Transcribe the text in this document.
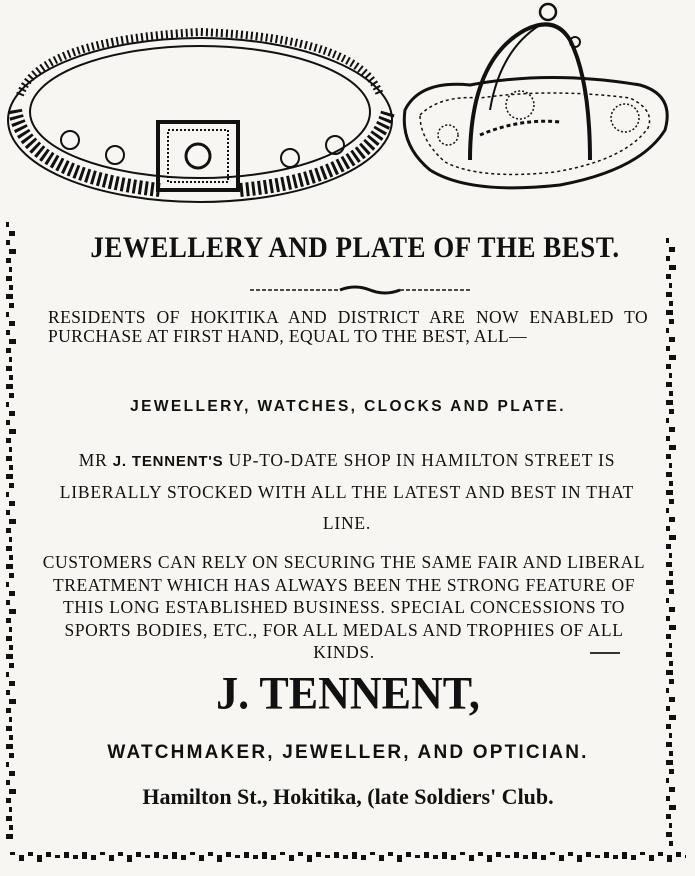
JEWELLERY AND PLATE OF THE BEST.
RESIDENTS OF HOKITIKA AND DISTRICT ARE NOW ENABLED TO PURCHASE AT FIRST HAND, EQUAL TO THE BEST, ALL—
JEWELLERY, WATCHES, CLOCKS AND PLATE.
MR J. TENNENT'S UP-TO-DATE SHOP IN HAMILTON STREET IS LIBERALLY STOCKED WITH ALL THE LATEST AND BEST IN THAT LINE.
CUSTOMERS CAN RELY ON SECURING THE SAME FAIR AND LIBERAL TREATMENT WHICH HAS ALWAYS BEEN THE STRONG FEATURE OF THIS LONG ESTABLISHED BUSINESS. SPECIAL CONCESSIONS TO SPORTS BODIES, ETC., FOR ALL MEDALS AND TROPHIES OF ALL KINDS.
J. TENNENT,
WATCHMAKER, JEWELLER, AND OPTICIAN.
Hamilton St., Hokitika, (late Soldiers' Club.
